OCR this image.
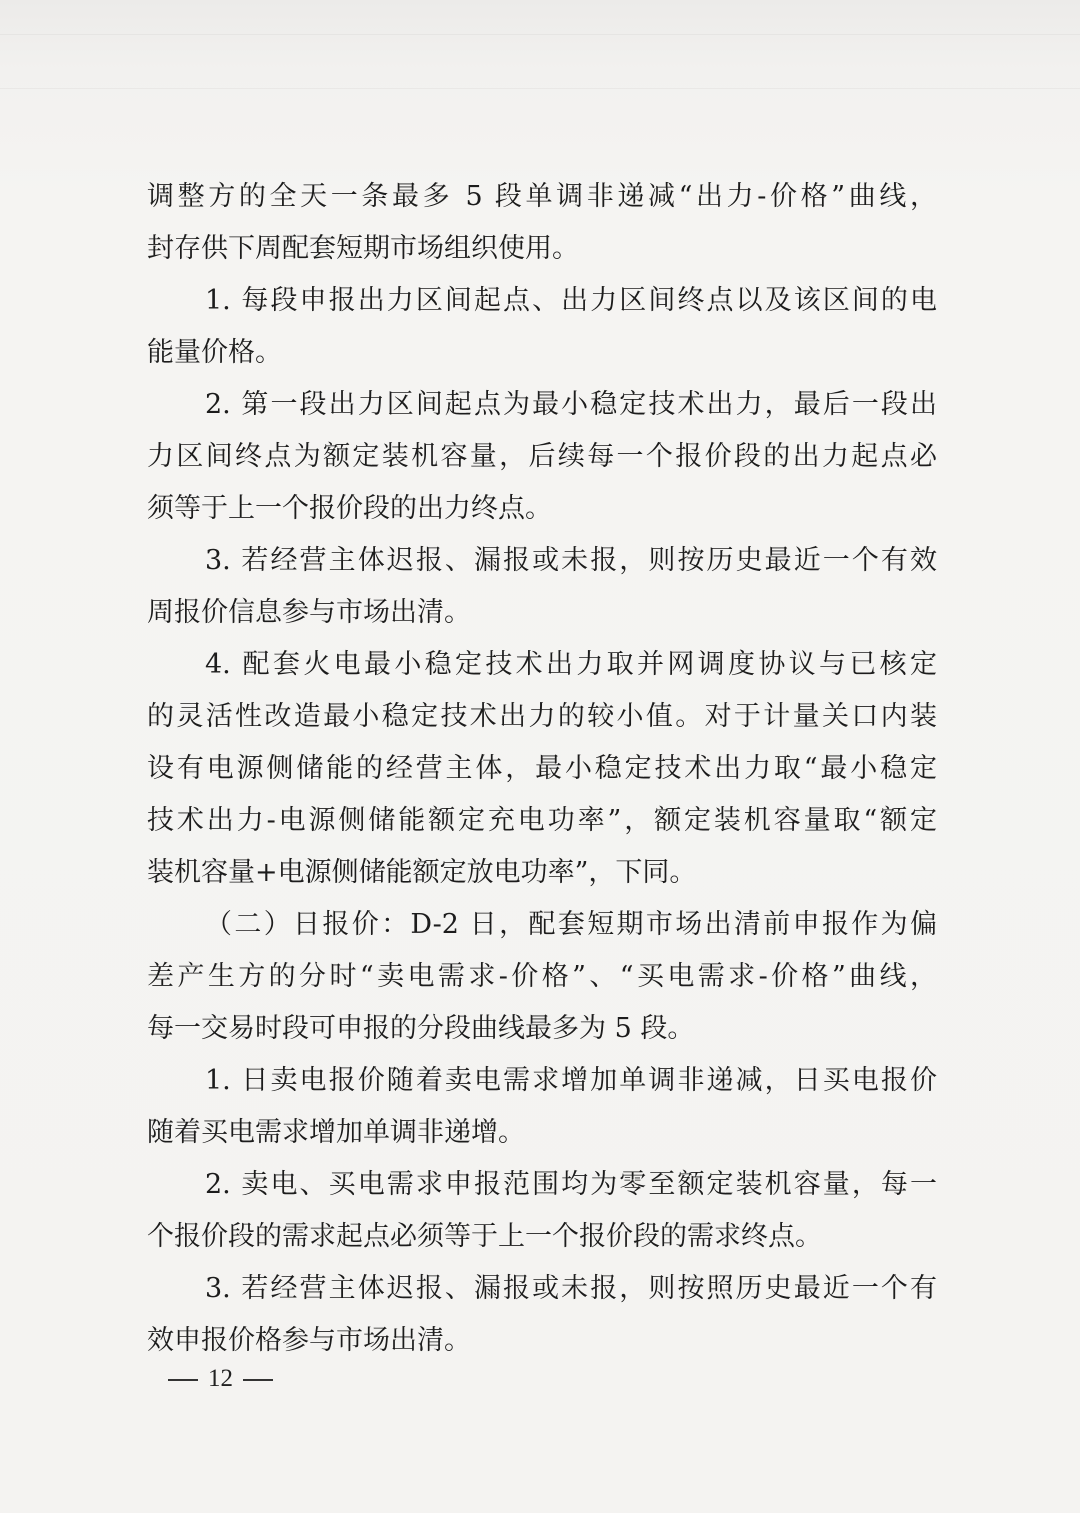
调整方的全天一条最多 5 段单调非递减“出力-价格”曲线，
封存供下周配套短期市场组织使用。
1. 每段申报出力区间起点、出力区间终点以及该区间的电
能量价格。
2. 第一段出力区间起点为最小稳定技术出力，最后一段出
力区间终点为额定装机容量，后续每一个报价段的出力起点必
须等于上一个报价段的出力终点。
3. 若经营主体迟报、漏报或未报，则按历史最近一个有效
周报价信息参与市场出清。
4. 配套火电最小稳定技术出力取并网调度协议与已核定
的灵活性改造最小稳定技术出力的较小值。对于计量关口内装
设有电源侧储能的经营主体，最小稳定技术出力取“最小稳定
技术出力-电源侧储能额定充电功率”，额定装机容量取“额定
装机容量+电源侧储能额定放电功率”，下同。
（二）日报价：D-2 日，配套短期市场出清前申报作为偏
差产生方的分时“卖电需求-价格”、“买电需求-价格”曲线，
每一交易时段可申报的分段曲线最多为 5 段。
1. 日卖电报价随着卖电需求增加单调非递减，日买电报价
随着买电需求增加单调非递增。
2. 卖电、买电需求申报范围均为零至额定装机容量，每一
个报价段的需求起点必须等于上一个报价段的需求终点。
3. 若经营主体迟报、漏报或未报，则按照历史最近一个有
效申报价格参与市场出清。
12
